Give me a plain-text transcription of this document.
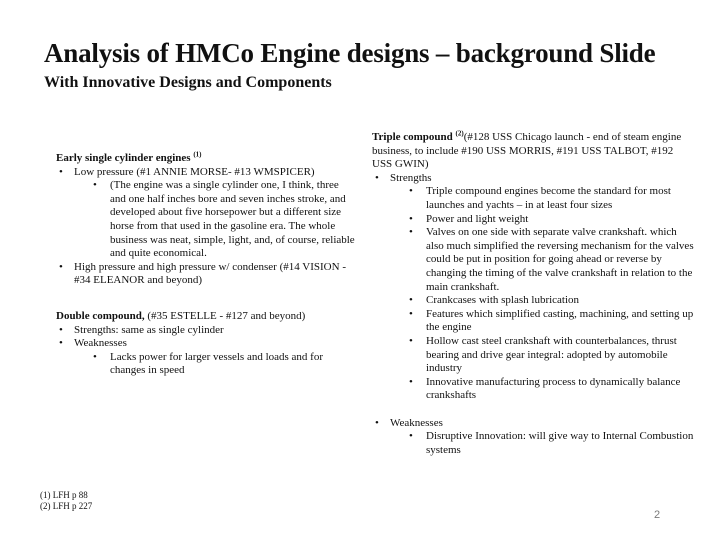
Analysis of HMCo Engine designs – background Slide
With Innovative Designs and Components

Early single cylinder engines $^{(1)}$

• Low pressure (#1 ANNIE MORSE- #13 WMSPICER)

• (The engine was a single cylinder one, I think, three and one half inches bore and seven inches stroke, and developed about five horsepower but a different size horse from that used in the gasoline era. The whole business was neat, simple, light, and, of course, reliable and quite economical.

• High pressure and high pressure w/ condenser (#14 VISION - #34 ELEANOR and beyond)

Double compound, (#35 ESTELLE - #127 and beyond)

• Strengths: same as single cylinder

• Weaknesses

• Lacks power for larger vessels and loads and for changes in speed

Triple compound $^{(2)}$(#128 USS Chicago launch - end of steam engine business, to include #190 USS MORRIS, #191 USS TALBOT, #192 USS GWIN)

• Strengths

• Triple compound engines become the standard for most launches and yachts – in at least four sizes

• Power and light weight

• Valves on one side with separate valve crankshaft. which also much simplified the reversing mechanism for the valves could be put in position for going ahead or reverse by changing the timing of the valve crankshaft in relation to the main crankshaft.

• Crankcases with splash lubrication

• Features which simplified casting, machining, and setting up the engine

• Hollow cast steel crankshaft with counterbalances, thrust bearing and drive gear integral: adopted by automobile industry

• Innovative manufacturing process to dynamically balance crankshafts

• Weaknesses

• Disruptive Innovation: will give way to Internal Combustion systems

(1) LFH p 88
(2) LFH p 227
2
